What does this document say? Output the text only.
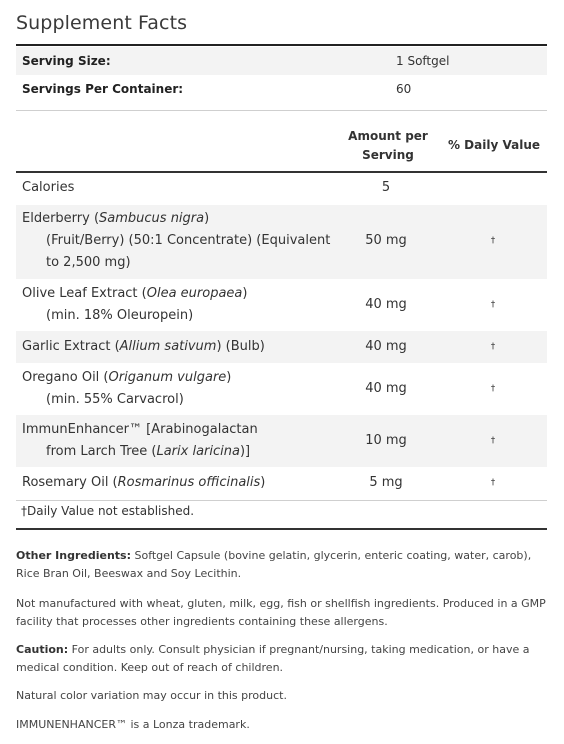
Supplement Facts
Serving Size:	1 Softgel
Servings Per Container:	60
Amount per
Serving
% Daily Value
Calories	5
Elderberry (Sambucus nigra)
(Fruit/Berry) (50:1 Concentrate) (Equivalent
to 2,500 mg)
50 mg	†
Olive Leaf Extract (Olea europaea)
(min. 18% Oleuropein)
40 mg	†
Garlic Extract (Allium sativum) (Bulb)	40 mg	†
Oregano Oil (Origanum vulgare)
(min. 55% Carvacrol)
40 mg	†
ImmunEnhancer™ [Arabinogalactan
from Larch Tree (Larix laricina)]
10 mg	†
Rosemary Oil (Rosmarinus officinalis)	5 mg	†
†Daily Value not established.

Other Ingredients: Softgel Capsule (bovine gelatin, glycerin, enteric coating, water, carob), Rice Bran Oil, Beeswax and Soy Lecithin.

Not manufactured with wheat, gluten, milk, egg, fish or shellfish ingredients. Produced in a GMP facility that processes other ingredients containing these allergens.

Caution: For adults only. Consult physician if pregnant/nursing, taking medication, or have a medical condition. Keep out of reach of children.

Natural color variation may occur in this product.

IMMUNENHANCER™ is a Lonza trademark.
